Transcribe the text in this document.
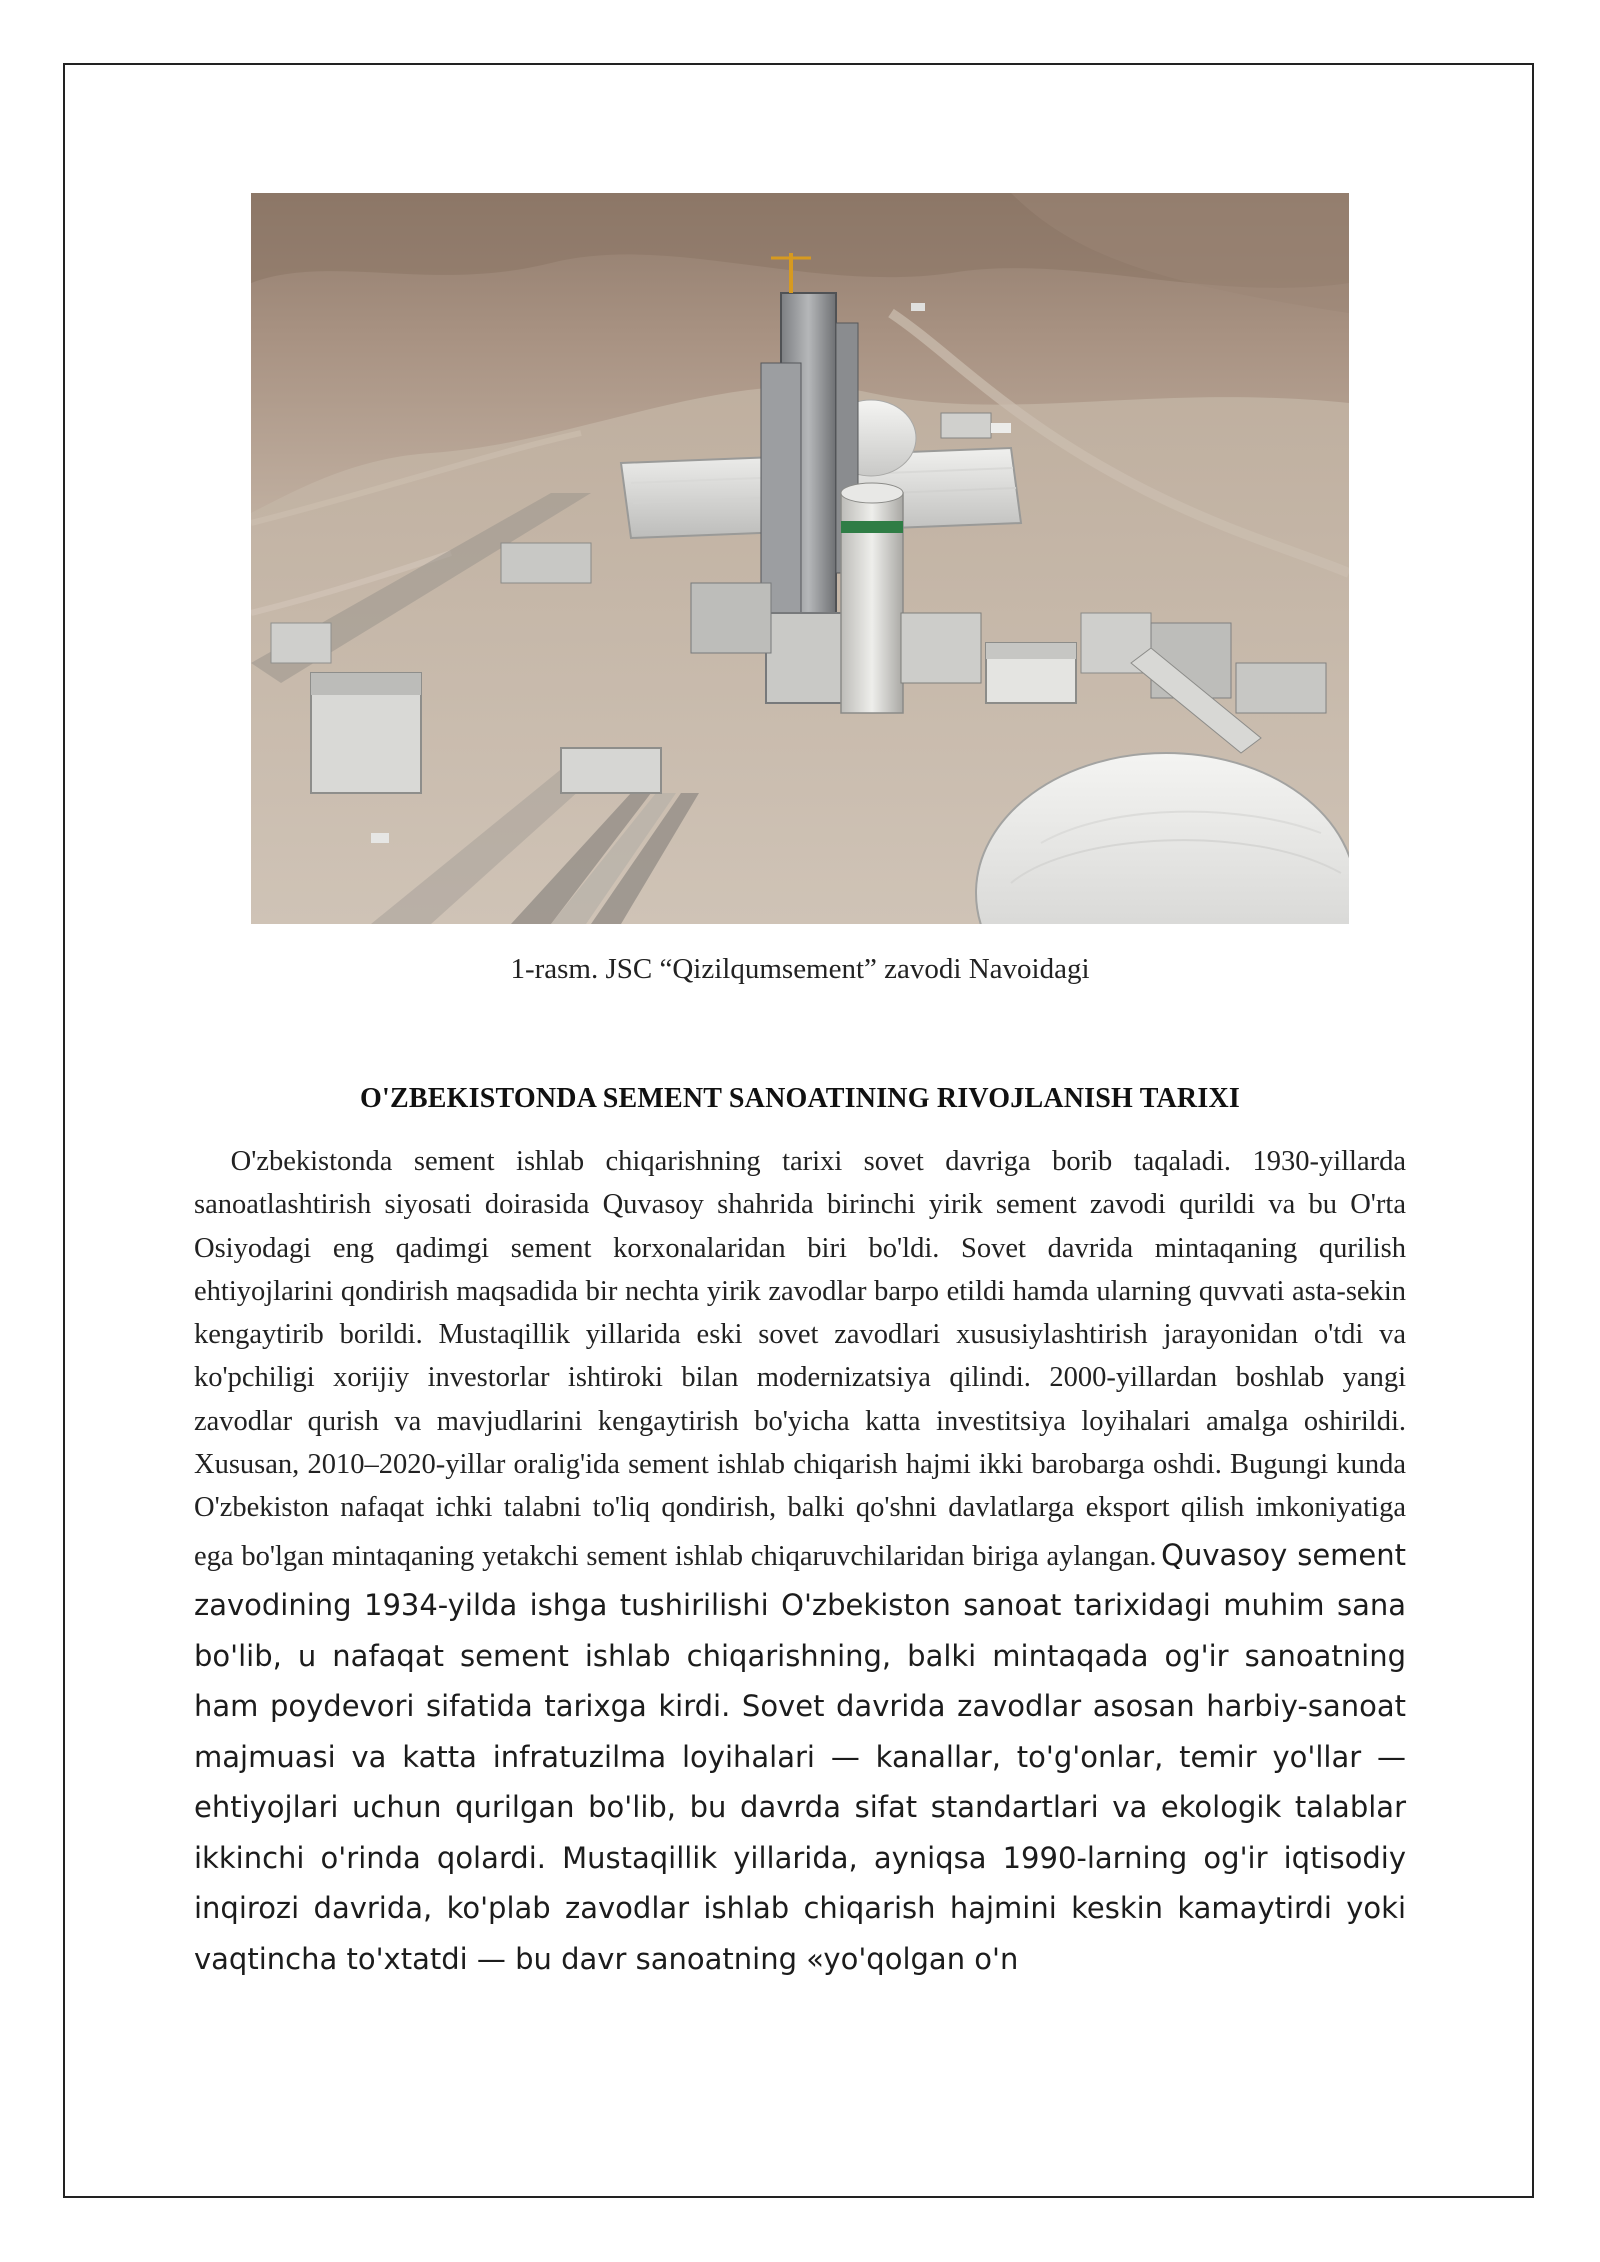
1-rasm. JSC “Qizilqumsement” zavodi Navoidagi
O'ZBEKISTONDA SEMENT SANOATINING RIVOJLANISH TARIXI
O'zbekistonda sement ishlab chiqarishning tarixi sovet davriga borib taqaladi. 1930-yillarda sanoatlashtirish siyosati doirasida Quvasoy shahrida birinchi yirik sement zavodi qurildi va bu O'rta Osiyodagi eng qadimgi sement korxonalaridan biri bo'ldi. Sovet davrida mintaqaning qurilish ehtiyojlarini qondirish maqsadida bir nechta yirik zavodlar barpo etildi hamda ularning quvvati asta-sekin kengaytirib borildi. Mustaqillik yillarida eski sovet zavodlari xususiylashtirish jarayonidan o'tdi va ko'pchiligi xorijiy investorlar ishtiroki bilan modernizatsiya qilindi. 2000-yillardan boshlab yangi zavodlar qurish va mavjudlarini kengaytirish bo'yicha katta investitsiya loyihalari amalga oshirildi. Xususan, 2010–2020-yillar oralig'ida sement ishlab chiqarish hajmi ikki barobarga oshdi. Bugungi kunda O'zbekiston nafaqat ichki talabni to'liq qondirish, balki qo'shni davlatlarga eksport qilish imkoniyatiga ega bo'lgan mintaqaning yetakchi sement ishlab chiqaruvchilaridan biriga aylangan. Quvasoy sement zavodining 1934-yilda ishga tushirilishi O'zbekiston sanoat tarixidagi muhim sana bo'lib, u nafaqat sement ishlab chiqarishning, balki mintaqada og'ir sanoatning ham poydevori sifatida tarixga kirdi. Sovet davrida zavodlar asosan harbiy-sanoat majmuasi va katta infratuzilma loyihalari — kanallar, to'g'onlar, temir yo'llar — ehtiyojlari uchun qurilgan bo'lib, bu davrda sifat standartlari va ekologik talablar ikkinchi o'rinda qolardi. Mustaqillik yillarida, ayniqsa 1990-larning og'ir iqtisodiy inqirozi davrida, ko'plab zavodlar ishlab chiqarish hajmini keskin kamaytirdi yoki vaqtincha to'xtatdi — bu davr sanoatning «yo'qolgan o'n
